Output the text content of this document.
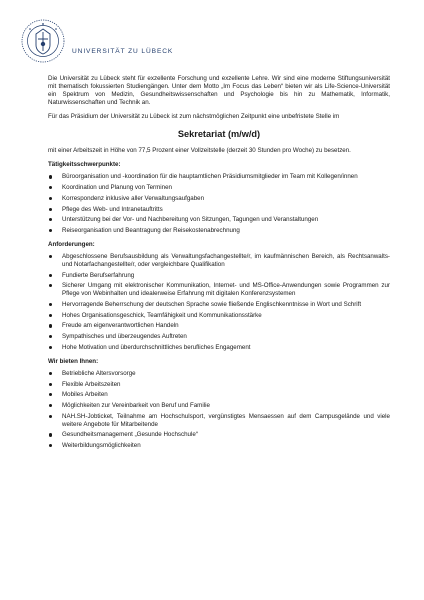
UNIVERSITÄT ZU LÜBECK

Die Universität zu Lübeck steht für exzellente Forschung und exzellente Lehre. Wir sind eine moderne Stiftungsuniversität mit thematisch fokussierten Studiengängen. Unter dem Motto „Im Focus das Leben“ bieten wir als Life-Science-Universität ein Spektrum von Medizin, Gesundheitswissenschaften und Psychologie bis hin zu Mathematik, Informatik, Naturwissenschaften und Technik an.

Für das Präsidium der Universität zu Lübeck ist zum nächstmöglichen Zeitpunkt eine unbefristete Stelle im

Sekretariat (m/w/d)

mit einer Arbeitszeit in Höhe von 77,5 Prozent einer Vollzeitstelle (derzeit 30 Stunden pro Woche) zu besetzen.

Tätigkeitsschwerpunkte:
Büroorganisation und -koordination für die hauptamtlichen Präsidiumsmitglieder im Team mit Kollegen/innen
Koordination und Planung von Terminen
Korrespondenz inklusive aller Verwaltungsaufgaben
Pflege des Web- und Intranetauftritts
Unterstützung bei der Vor- und Nachbereitung von Sitzungen, Tagungen und Veranstaltungen
Reiseorganisation und Beantragung der Reisekostenabrechnung
Anforderungen:
Abgeschlossene Berufsausbildung als Verwaltungsfachangestellte/r, im kaufmännischen Bereich, als Rechtsanwalts- und Notarfachangestellte/r, oder vergleichbare Qualifikation
Fundierte Berufserfahrung
Sicherer Umgang mit elektronischer Kommunikation, Internet- und MS-Office-Anwendungen sowie Programmen zur Pflege von Webinhalten und idealerweise Erfahrung mit digitalen Konferenzsystemen
Hervorragende Beherrschung der deutschen Sprache sowie fließende Englischkenntnisse in Wort und Schrift
Hohes Organisationsgeschick, Teamfähigkeit und Kommunikationsstärke
Freude am eigenverantwortlichen Handeln
Sympathisches und überzeugendes Auftreten
Hohe Motivation und überdurchschnittliches berufliches Engagement
Wir bieten Ihnen:
Betriebliche Altersvorsorge
Flexible Arbeitszeiten
Mobiles Arbeiten
Möglichkeiten zur Vereinbarkeit von Beruf und Familie
NAH.SH-Jobticket, Teilnahme am Hochschulsport, vergünstigtes Mensaessen auf dem Campusgelände und viele weitere Angebote für Mitarbeitende
Gesundheitsmanagement „Gesunde Hochschule“
Weiterbildungsmöglichkeiten
